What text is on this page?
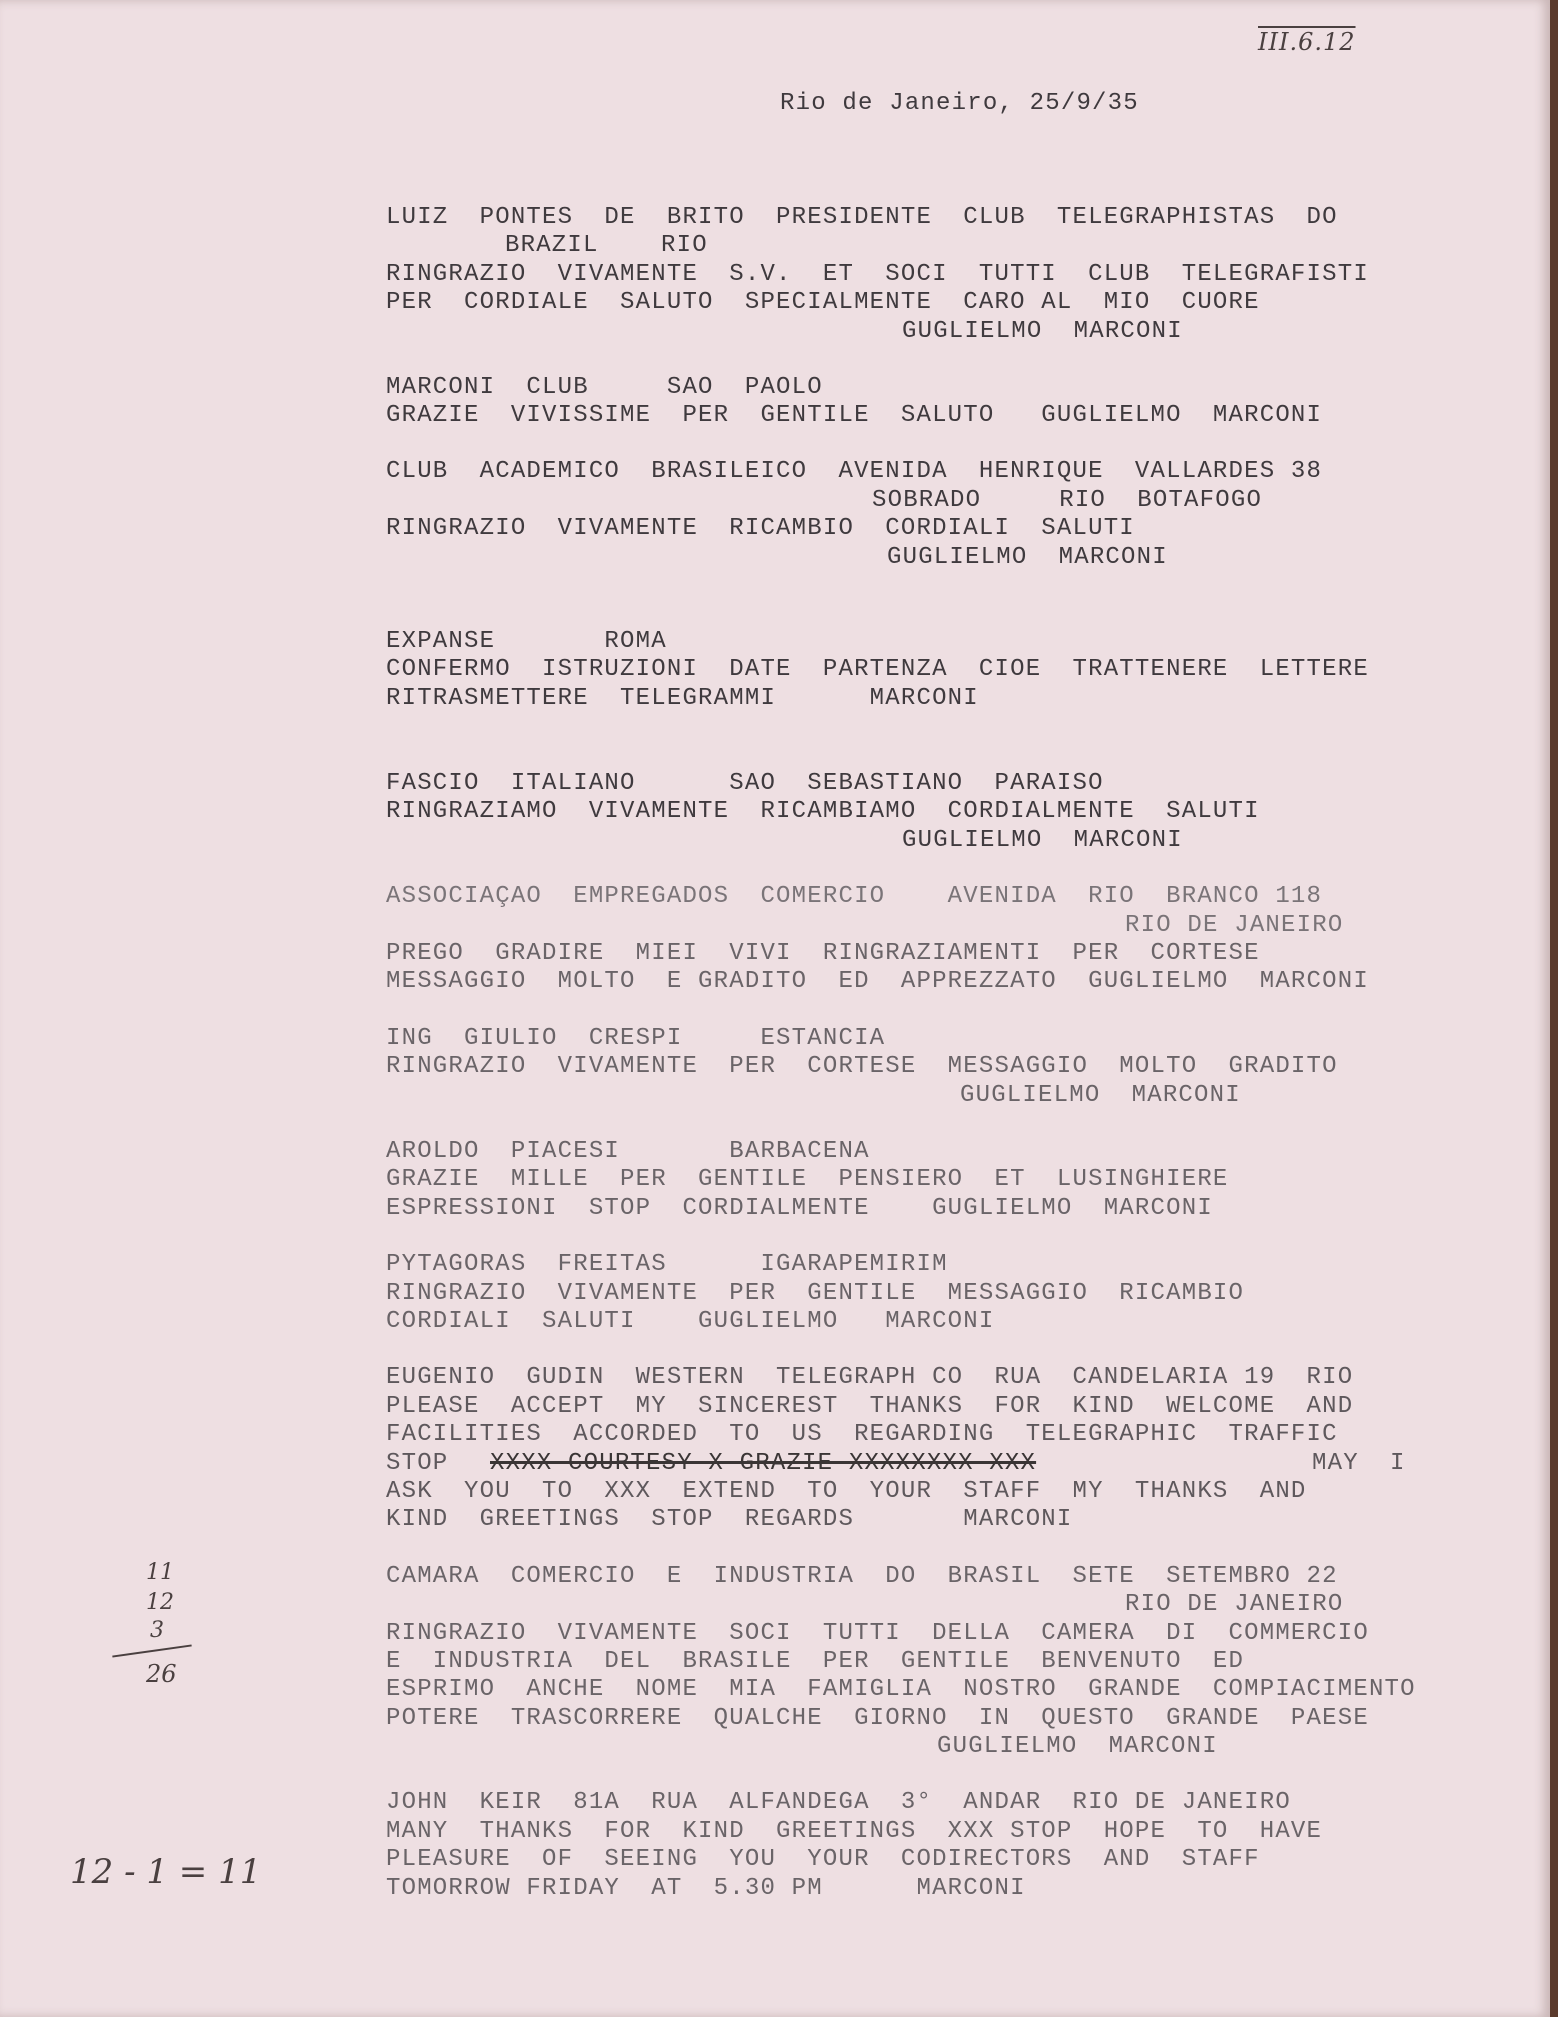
III.6.12
Rio de Janeiro, 25/9/35
LUIZ  PONTES  DE  BRITO  PRESIDENTE  CLUB  TELEGRAPHISTAS  DO
BRAZIL    RIO
RINGRAZIO  VIVAMENTE  S.V.  ET  SOCI  TUTTI  CLUB  TELEGRAFISTI
PER  CORDIALE  SALUTO  SPECIALMENTE  CARO AL  MIO  CUORE
GUGLIELMO  MARCONI
MARCONI  CLUB     SAO  PAOLO
GRAZIE  VIVISSIME  PER  GENTILE  SALUTO   GUGLIELMO  MARCONI
CLUB  ACADEMICO  BRASILEICO  AVENIDA  HENRIQUE  VALLARDES 38
SOBRADO     RIO  BOTAFOGO
RINGRAZIO  VIVAMENTE  RICAMBIO  CORDIALI  SALUTI
GUGLIELMO  MARCONI
EXPANSE       ROMA
CONFERMO  ISTRUZIONI  DATE  PARTENZA  CIOE  TRATTENERE  LETTERE
RITRASMETTERE  TELEGRAMMI      MARCONI
FASCIO  ITALIANO      SAO  SEBASTIANO  PARAISO
RINGRAZIAMO  VIVAMENTE  RICAMBIAMO  CORDIALMENTE  SALUTI
GUGLIELMO  MARCONI
ASSOCIAÇAO  EMPREGADOS  COMERCIO    AVENIDA  RIO  BRANCO 118
RIO DE JANEIRO
PREGO  GRADIRE  MIEI  VIVI  RINGRAZIAMENTI  PER  CORTESE
MESSAGGIO  MOLTO  E GRADITO  ED  APPREZZATO  GUGLIELMO  MARCONI
ING  GIULIO  CRESPI     ESTANCIA
RINGRAZIO  VIVAMENTE  PER  CORTESE  MESSAGGIO  MOLTO  GRADITO
GUGLIELMO  MARCONI
AROLDO  PIACESI       BARBACENA
GRAZIE  MILLE  PER  GENTILE  PENSIERO  ET  LUSINGHIERE
ESPRESSIONI  STOP  CORDIALMENTE    GUGLIELMO  MARCONI
PYTAGORAS  FREITAS      IGARAPEMIRIM
RINGRAZIO  VIVAMENTE  PER  GENTILE  MESSAGGIO  RICAMBIO
CORDIALI  SALUTI    GUGLIELMO   MARCONI
EUGENIO  GUDIN  WESTERN  TELEGRAPH CO  RUA  CANDELARIA 19  RIO
PLEASE  ACCEPT  MY  SINCEREST  THANKS  FOR  KIND  WELCOME  AND
FACILITIES  ACCORDED  TO  US  REGARDING  TELEGRAPHIC  TRAFFIC
STOP XXXX COURTESY X GRAZIE XXXXXXXX XXX	MAY  I
ASK  YOU  TO  XXX  EXTEND  TO  YOUR  STAFF  MY  THANKS  AND
KIND  GREETINGS  STOP  REGARDS       MARCONI
CAMARA  COMERCIO  E  INDUSTRIA  DO  BRASIL  SETE  SETEMBRO 22
RIO DE JANEIRO
RINGRAZIO  VIVAMENTE  SOCI  TUTTI  DELLA  CAMERA  DI  COMMERCIO
E  INDUSTRIA  DEL  BRASILE  PER  GENTILE  BENVENUTO  ED
ESPRIMO  ANCHE  NOME  MIA  FAMIGLIA  NOSTRO  GRANDE  COMPIACIMENTO
POTERE  TRASCORRERE  QUALCHE  GIORNO  IN  QUESTO  GRANDE  PAESE
GUGLIELMO  MARCONI
JOHN  KEIR  81A  RUA  ALFANDEGA  3°  ANDAR  RIO DE JANEIRO
MANY  THANKS  FOR  KIND  GREETINGS  XXX STOP  HOPE  TO  HAVE
PLEASURE  OF  SEEING  YOU  YOUR  CODIRECTORS  AND  STAFF
TOMORROW FRIDAY  AT  5.30 PM      MARCONI
11
12
3
26
12 - 1 = 11
